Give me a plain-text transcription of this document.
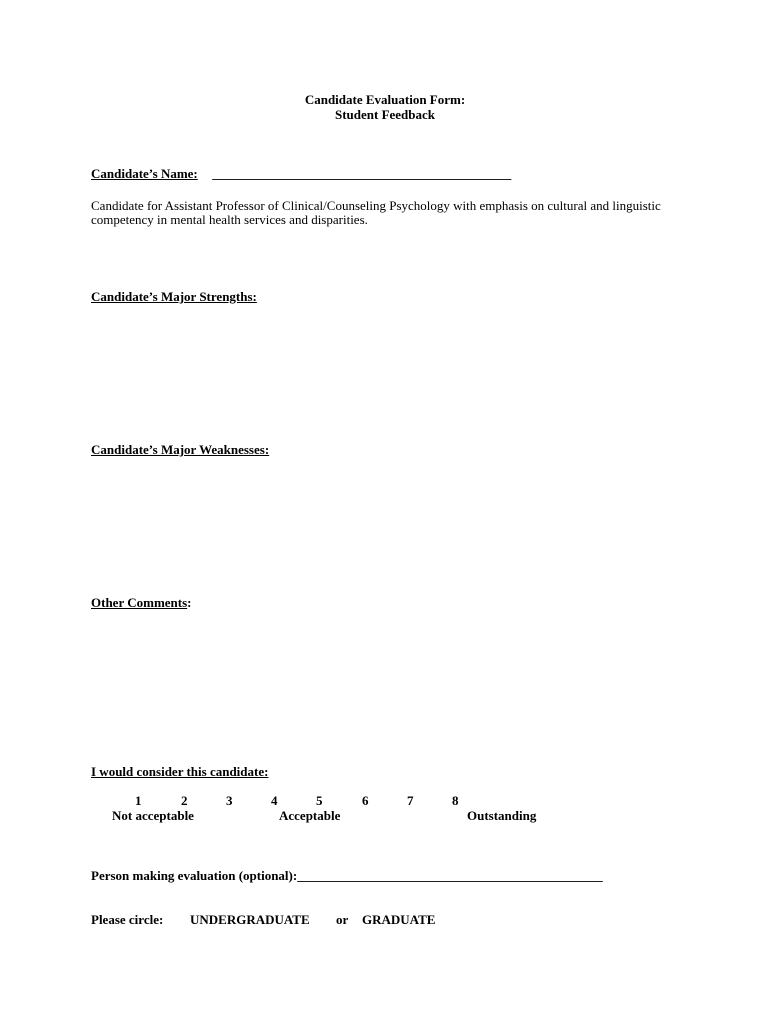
Candidate Evaluation Form:
Student Feedback
Candidate’s Name: ______________________________________________
Candidate for Assistant Professor of Clinical/Counseling Psychology with emphasis on cultural and linguistic competency in mental health services and disparities.
Candidate’s Major Strengths:
Candidate’s Major Weaknesses:
Other Comments:
I would consider this candidate:
1	2	3	4	5	6	7	8
Not acceptable	Acceptable	Outstanding
Person making evaluation (optional):_______________________________________________
Please circle: UNDERGRADUATE or GRADUATE
